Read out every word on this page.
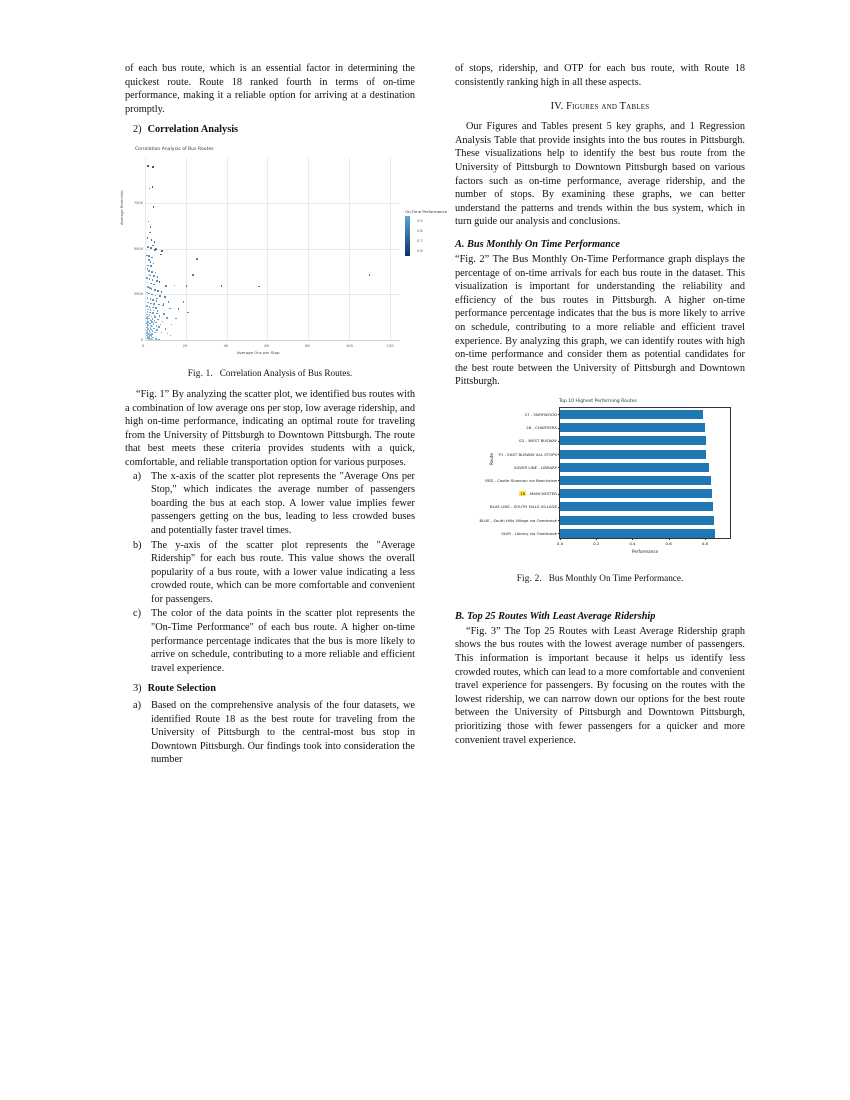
of each bus route, which is an essential factor in determining the quickest route. Route 18 ranked fourth in terms of on-time performance, making it a reliable option for arriving at a destination promptly.

2) Correlation Analysis
Correlation Analysis of Bus Routes
0	20	40	60	80	100	120
0
2500
5000
7500
Average Ridership
Average Ons per Stop
On-Time Performance

0.9
0.8
0.7
0.6
Fig. 1. Correlation Analysis of Bus Routes.

“Fig. 1” By analyzing the scatter plot, we identified bus routes with a combination of low average ons per stop, low average ridership, and high on-time performance, indicating an optimal route for traveling from the University of Pittsburgh to Downtown Pittsburgh. The route that best meets these criteria provides students with a quick, comfortable, and reliable transportation option for various purposes.

a) The x-axis of the scatter plot represents the "Average Ons per Stop," which indicates the average number of passengers boarding the bus at each stop. A lower value implies fewer passengers getting on the bus, leading to less crowded buses and potentially faster travel times.
b) The y-axis of the scatter plot represents the "Average Ridership" for each bus route. This value shows the overall popularity of a bus route, with a lower value indicating a less crowded route, which can be more comfortable and convenient for passengers.
c) The color of the data points in the scatter plot represents the "On-Time Performance" of each bus route. A higher on-time performance percentage indicates that the bus is more likely to arrive on schedule, contributing to a more reliable and efficient travel experience.
3) Route Selection
a) Based on the comprehensive analysis of the four datasets, we identified Route 18 as the best route for traveling from the University of Pittsburgh to the central-most bus stop in Downtown Pittsburgh. Our findings took into consideration the number

of stops, ridership, and OTP for each bus route, with Route 18 consistently ranking high in all these aspects.

IV. Figures and Tables

Our Figures and Tables present 5 key graphs, and 1 Regression Analysis Table that provide insights into the bus routes in Pittsburgh. These visualizations help to identify the best bus route from the University of Pittsburgh to Downtown Pittsburgh based on various factors such as on-time performance, average ridership, and the number of stops. By examining these graphs, we can better understand the patterns and trends within the bus system, which in turn guide our analysis and conclusions.

A. Bus Monthly On Time Performance

“Fig. 2” The Bus Monthly On-Time Performance graph displays the percentage of on-time arrivals for each bus route in the dataset. This visualization is important for understanding the reliability and efficiency of the bus routes in Pittsburgh. A higher on-time performance percentage indicates that the bus is more likely to arrive on schedule, contributing to a more reliable and efficient travel experience. By analyzing this graph, we can identify routes with high on-time performance and consider them as potential candidates for the best route between the University of Pittsburgh and Downtown Pittsburgh.

Top 10 Highest Performing Routes
Route
27 - FAIRYWOOD
26 - CHARTIERS
G2 - WEST BUSWAY
P1 - EAST BUSWAY ALL STOPS
SILVER LINE - LIBRARY
RED - Castle Shannon via Beechview
18 - MANCHESTER
BLUE LINE - SOUTH HILLS VILLAGE
BLUE - South Hills Village via Overbrook
SLVR - Library via Overbrook
0.0	0.2	0.4	0.6	0.8
Performance
Fig. 2. Bus Monthly On Time Performance.
B. Top 25 Routes With Least Average Ridership

“Fig. 3” The Top 25 Routes with Least Average Ridership graph shows the bus routes with the lowest average number of passengers. This information is important because it helps us identify less crowded routes, which can lead to a more comfortable and convenient travel experience for passengers. By focusing on the routes with the lowest ridership, we can narrow down our options for the best route between the University of Pittsburgh and Downtown Pittsburgh, prioritizing those with fewer passengers for a quicker and more convenient travel experience.
